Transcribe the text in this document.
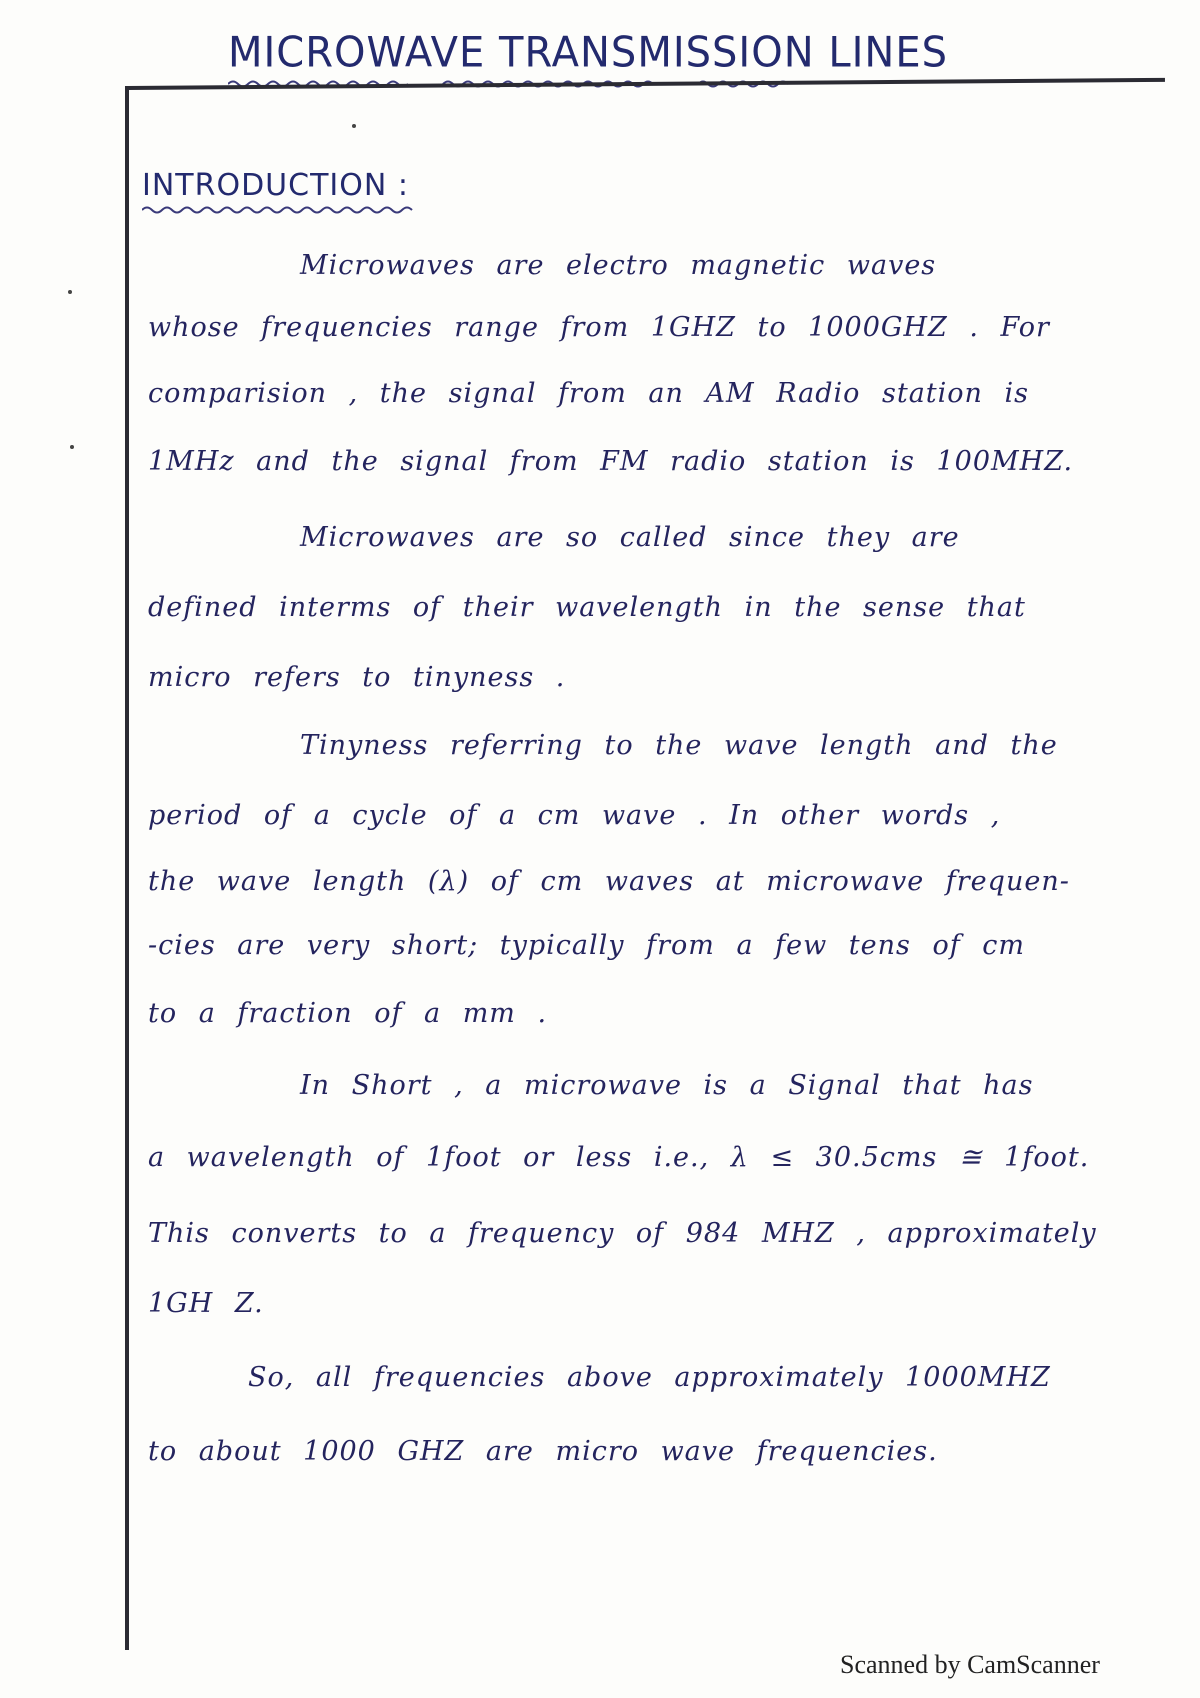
MICROWAVE TRANSMISSION LINES
INTRODUCTION :
Microwaves are electro magnetic waves
whose frequencies range from 1GHZ to 1000GHZ . For
comparision , the signal from an AM Radio station is
1MHz and the signal from FM radio station is 100MHZ.
Microwaves are so called since they are
defined interms of their wavelength in the sense that
micro refers to tinyness .
Tinyness referring to the wave length and the
period of a cycle of a cm wave . In other words ,
the wave length (λ) of cm waves at microwave frequen-
-cies are very short; typically from a few tens of cm
to a fraction of a mm .
In Short , a microwave is a Signal that has
a wavelength of 1foot or less i.e., λ ≤ 30.5cms ≅ 1foot.
This converts to a frequency of 984 MHZ , approximately
1GH Z.
So, all frequencies above approximately 1000MHZ
to about 1000 GHZ are micro wave frequencies.
Scanned by CamScanner
